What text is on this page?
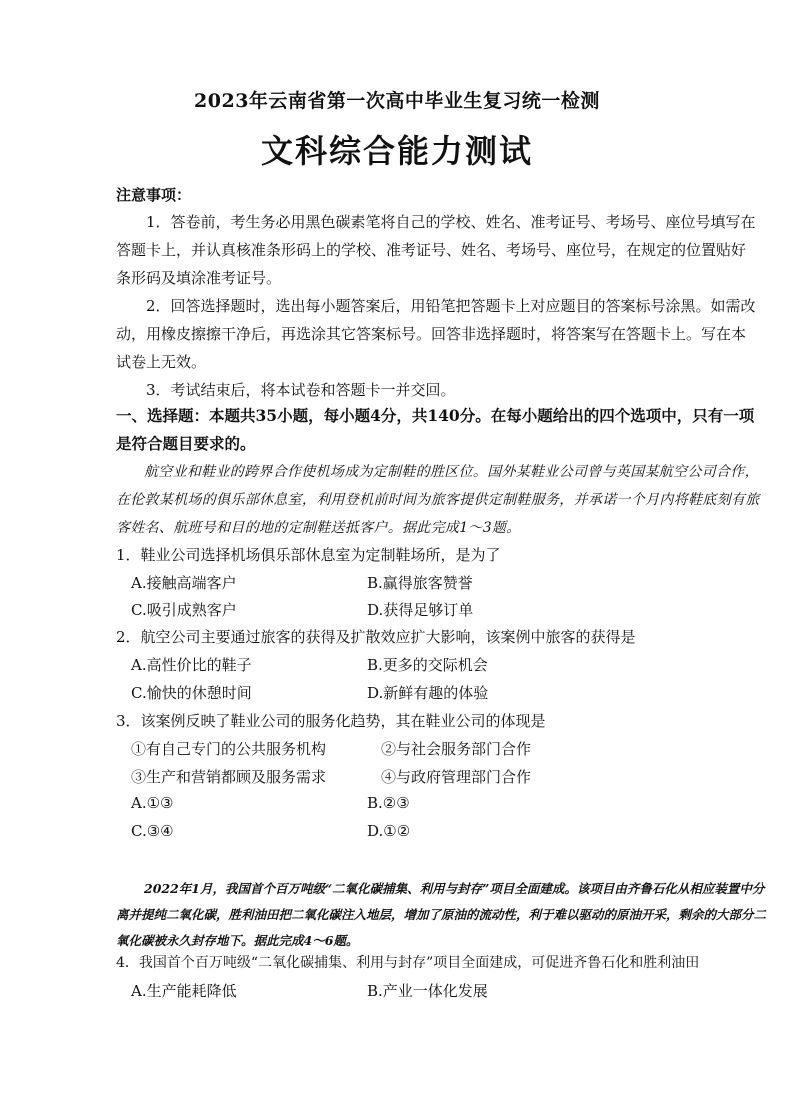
2023年云南省第一次高中毕业生复习统一检测
文科综合能力测试
注意事项：
1．答卷前，考生务必用黑色碳素笔将自己的学校、姓名、准考证号、考场号、座位号填写在答题卡上，并认真核准条形码上的学校、准考证号、姓名、考场号、座位号，在规定的位置贴好条形码及填涂准考证号。
2．回答选择题时，选出每小题答案后，用铅笔把答题卡上对应题目的答案标号涂黑。如需改动，用橡皮擦擦干净后，再选涂其它答案标号。回答非选择题时，将答案写在答题卡上。写在本试卷上无效。
3．考试结束后，将本试卷和答题卡一并交回。
一、选择题：本题共35小题，每小题4分，共140分。在每小题给出的四个选项中，只有一项是符合题目要求的。
航空业和鞋业的跨界合作使机场成为定制鞋的胜区位。国外某鞋业公司曾与英国某航空公司合作，在伦敦某机场的俱乐部休息室，利用登机前时间为旅客提供定制鞋服务，并承诺一个月内将鞋底刻有旅客姓名、航班号和目的地的定制鞋送抵客户。据此完成1～3题。
1．鞋业公司选择机场俱乐部休息室为定制鞋场所，是为了
A.接触高端客户	B.赢得旅客赞誉
C.吸引成熟客户	D.获得足够订单
2．航空公司主要通过旅客的获得及扩散效应扩大影响，该案例中旅客的获得是
A.高性价比的鞋子	B.更多的交际机会
C.愉快的休憩时间	D.新鲜有趣的体验
3．该案例反映了鞋业公司的服务化趋势，其在鞋业公司的体现是
①有自己专门的公共服务机构	②与社会服务部门合作
③生产和营销都顾及服务需求	④与政府管理部门合作
A.①③	B.②③
C.③④	D.①②
2022年1月，我国首个百万吨级“二氧化碳捕集、利用与封存”项目全面建成。该项目由齐鲁石化从相应装置中分离并提纯二氧化碳，胜利油田把二氧化碳注入地层，增加了原油的流动性，利于难以驱动的原油开采，剩余的大部分二氧化碳被永久封存地下。据此完成4～6题。
4．我国首个百万吨级“二氧化碳捕集、利用与封存”项目全面建成，可促进齐鲁石化和胜利油田
A.生产能耗降低	B.产业一体化发展
